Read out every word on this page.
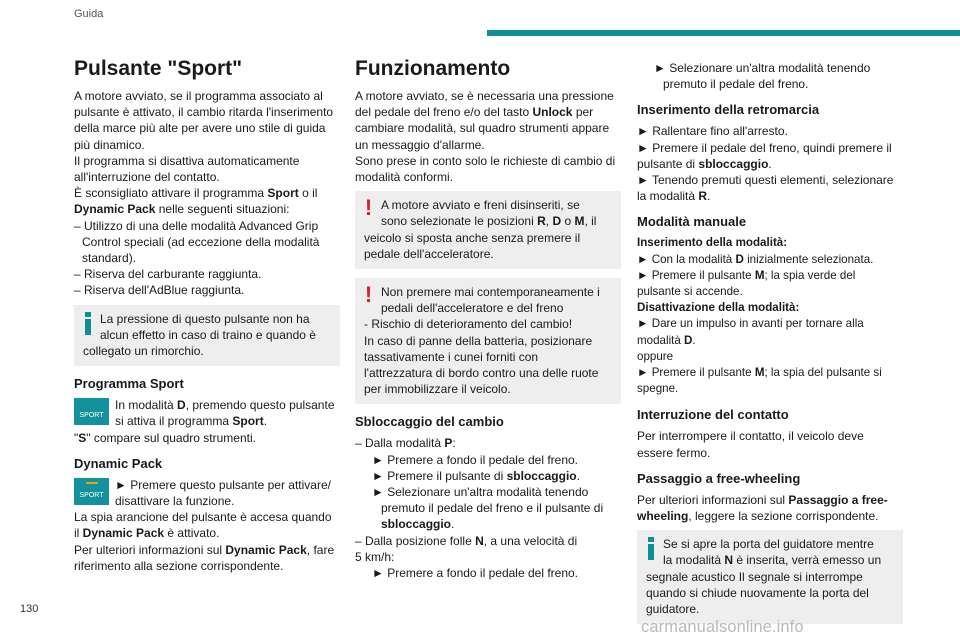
Guida
Pulsante "Sport"

A motore avviato, se il programma associato al
pulsante è attivato, il cambio ritarda l'inserimento
della marce più alte per avere uno stile di guida
più dinamico.
Il programma si disattiva automaticamente
all'interruzione del contatto.
È sconsigliato attivare il programma Sport o il
Dynamic Pack nelle seguenti situazioni:
– Utilizzo di una delle modalità Advanced Grip
Control speciali (ad eccezione della modalità
standard).
– Riserva del carburante raggiunta.
– Riserva dell'AdBlue raggiunta.

La pressione di questo pulsante non ha
alcun effetto in caso di traino e quando è
collegato un rimorchio.
Programma Sport
SPORT
In modalità D, premendo questo pulsante
si attiva il programma Sport.
"S" compare sul quadro strumenti.
Dynamic Pack
SPORT
► Premere questo pulsante per attivare/
disattivare la funzione.
La spia arancione del pulsante è accesa quando
il Dynamic Pack è attivato.
Per ulteriori informazioni sul Dynamic Pack, fare
riferimento alla sezione corrispondente.
Funzionamento

A motore avviato, se è necessaria una pressione
del pedale del freno e/o del tasto Unlock per
cambiare modalità, sul quadro strumenti appare
un messaggio d'allarme.
Sono prese in conto solo le richieste di cambio di
modalità conformi.

! A motore avviato e freni disinseriti, se
sono selezionate le posizioni R, D o M, il
veicolo si sposta anche senza premere il
pedale dell'acceleratore.
! Non premere mai contemporaneamente i
pedali dell'acceleratore e del freno
- Rischio di deterioramento del cambio!
In caso di panne della batteria, posizionare
tassativamente i cunei forniti con
l'attrezzatura di bordo contro una delle ruote
per immobilizzare il veicolo.
Sbloccaggio del cambio

– Dalla modalità P:
► Premere a fondo il pedale del freno.
► Premere il pulsante di sbloccaggio.
► Selezionare un'altra modalità tenendo
premuto il pedale del freno e il pulsante di
sbloccaggio.
– Dalla posizione folle N, a una velocità di
5 km/h:
► Premere a fondo il pedale del freno.

► Selezionare un'altra modalità tenendo
premuto il pedale del freno.

Inserimento della retromarcia

► Rallentare fino all'arresto.
► Premere il pedale del freno, quindi premere il
pulsante di sbloccaggio.
► Tenendo premuti questi elementi, selezionare
la modalità R.

Modalità manuale

Inserimento della modalità:
► Con la modalità D inizialmente selezionata.
► Premere il pulsante M; la spia verde del
pulsante si accende.
Disattivazione della modalità:
► Dare un impulso in avanti per tornare alla
modalità D.
oppure
► Premere il pulsante M; la spia del pulsante si
spegne.

Interruzione del contatto

Per interrompere il contatto, il veicolo deve
essere fermo.

Passaggio a free-wheeling

Per ulteriori informazioni sul Passaggio a free-
wheeling, leggere la sezione corrispondente.

Se si apre la porta del guidatore mentre
la modalità N è inserita, verrà emesso un
segnale acustico Il segnale si interrompe
quando si chiude nuovamente la porta del
guidatore.
130
carmanualsonline.info
